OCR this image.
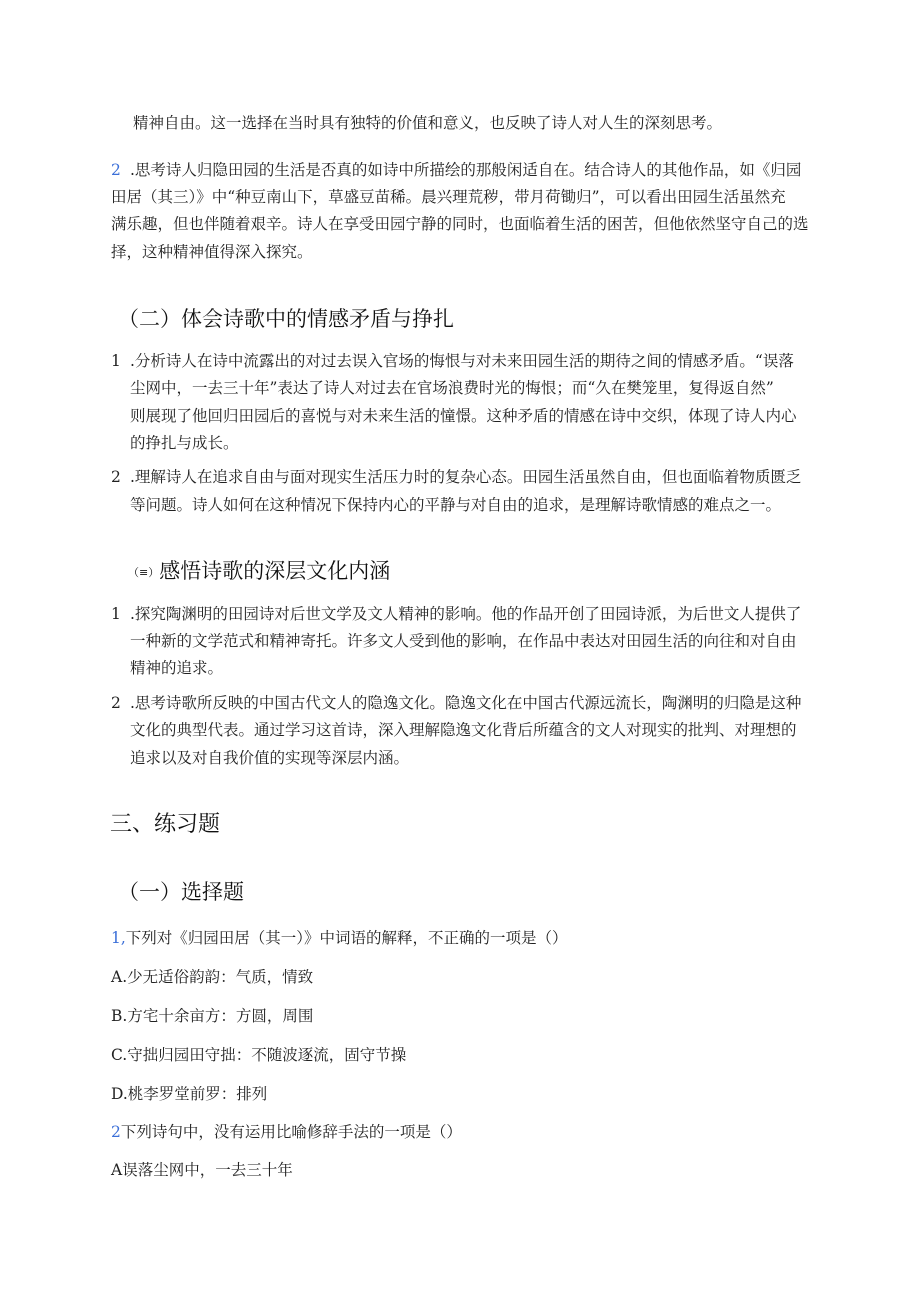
精神自由。这一选择在当时具有独特的价值和意义，也反映了诗人对人生的深刻思考。
2 .思考诗人归隐田园的生活是否真的如诗中所描绘的那般闲适自在。结合诗人的其他作品，如《归园
田居（其三）》中“种豆南山下，草盛豆苗稀。晨兴理荒秽，带月荷锄归”，可以看出田园生活虽然充
满乐趣，但也伴随着艰辛。诗人在享受田园宁静的同时，也面临着生活的困苦，但他依然坚守自己的选
择，这种精神值得深入探究。
（二）体会诗歌中的情感矛盾与挣扎
1 .分析诗人在诗中流露出的对过去误入官场的悔恨与对未来田园生活的期待之间的情感矛盾。“误落
尘网中，一去三十年”表达了诗人对过去在官场浪费时光的悔恨；而“久在樊笼里，复得返自然”
则展现了他回归田园后的喜悦与对未来生活的憧憬。这种矛盾的情感在诗中交织，体现了诗人内心
的挣扎与成长。
2 .理解诗人在追求自由与面对现实生活压力时的复杂心态。田园生活虽然自由，但也面临着物质匮乏
等问题。诗人如何在这种情况下保持内心的平静与对自由的追求，是理解诗歌情感的难点之一。
（≡）感悟诗歌的深层文化内涵
1 .探究陶渊明的田园诗对后世文学及文人精神的影响。他的作品开创了田园诗派，为后世文人提供了
一种新的文学范式和精神寄托。许多文人受到他的影响，在作品中表达对田园生活的向往和对自由
精神的追求。
2 .思考诗歌所反映的中国古代文人的隐逸文化。隐逸文化在中国古代源远流长，陶渊明的归隐是这种
文化的典型代表。通过学习这首诗，深入理解隐逸文化背后所蕴含的文人对现实的批判、对理想的
追求以及对自我价值的实现等深层内涵。
三、练习题
（一）选择题
1,下列对《归园田居（其一）》中词语的解释，不正确的一项是（）
A.少无适俗韵韵：气质，情致
B.方宅十余亩方：方圆，周围
C.守拙归园田守拙：不随波逐流，固守节操
D.桃李罗堂前罗：排列
2下列诗句中，没有运用比喻修辞手法的一项是（）
A误落尘网中，一去三十年
